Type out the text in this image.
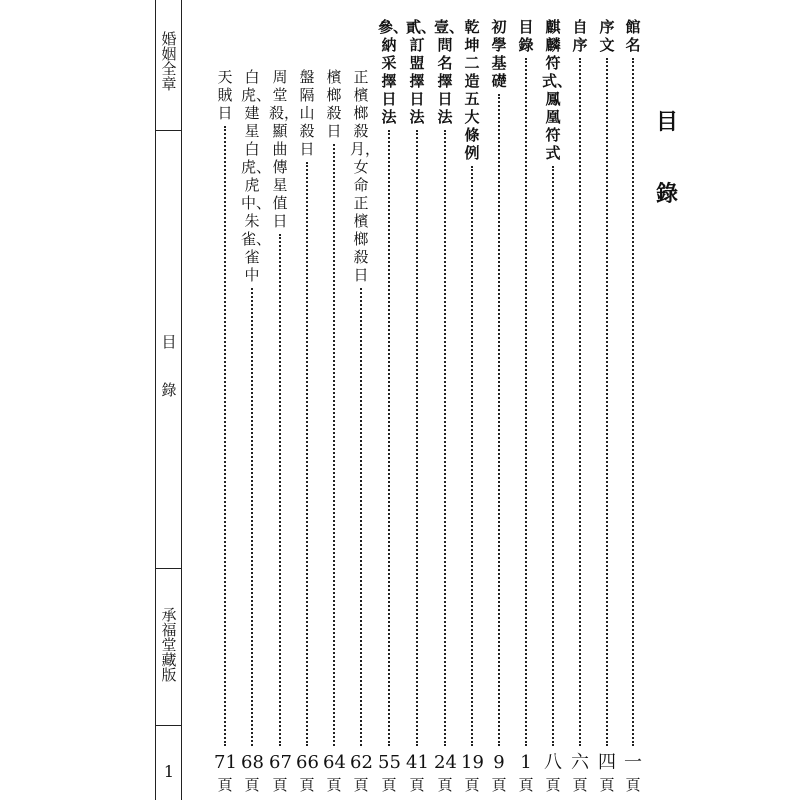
婚姻全章
目錄
承福堂藏版
1
目
錄
館名
一
頁
序文
四
頁
自序
六
頁
麒麟符式、鳳凰符式
八
頁
目錄
1
頁
初學基礎
9
頁
乾坤二造五大條例
19
頁
壹、問名擇日法
24
頁
貳、訂盟擇日法
41
頁
參、納采擇日法
55
頁
正檳榔殺月，女命正檳榔殺日
62
頁
檳榔殺日
64
頁
盤隔山殺日
66
頁
周堂殺，顯曲傳星值日
67
頁
白虎、建星白虎、虎中、朱雀、雀中
68
頁
天賊日
71
頁
